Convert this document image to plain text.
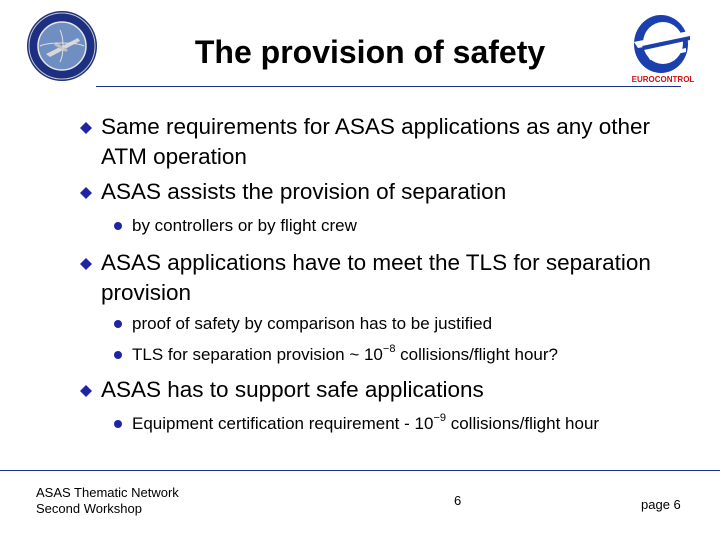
EUROCONTROL
The provision of safety
Same requirements for ASAS applications as any other
ATM operation
ASAS assists the provision of separation
by controllers or by flight crew
ASAS applications have to meet the TLS for separation
provision
proof of safety by comparison has to be justified
TLS for separation provision ~ $10^{-8}$ collisions/flight hour?
ASAS has to support safe applications
Equipment certification requirement - $10^{-9}$ collisions/flight hour
ASAS Thematic Network
Second Workshop
6	page 6
